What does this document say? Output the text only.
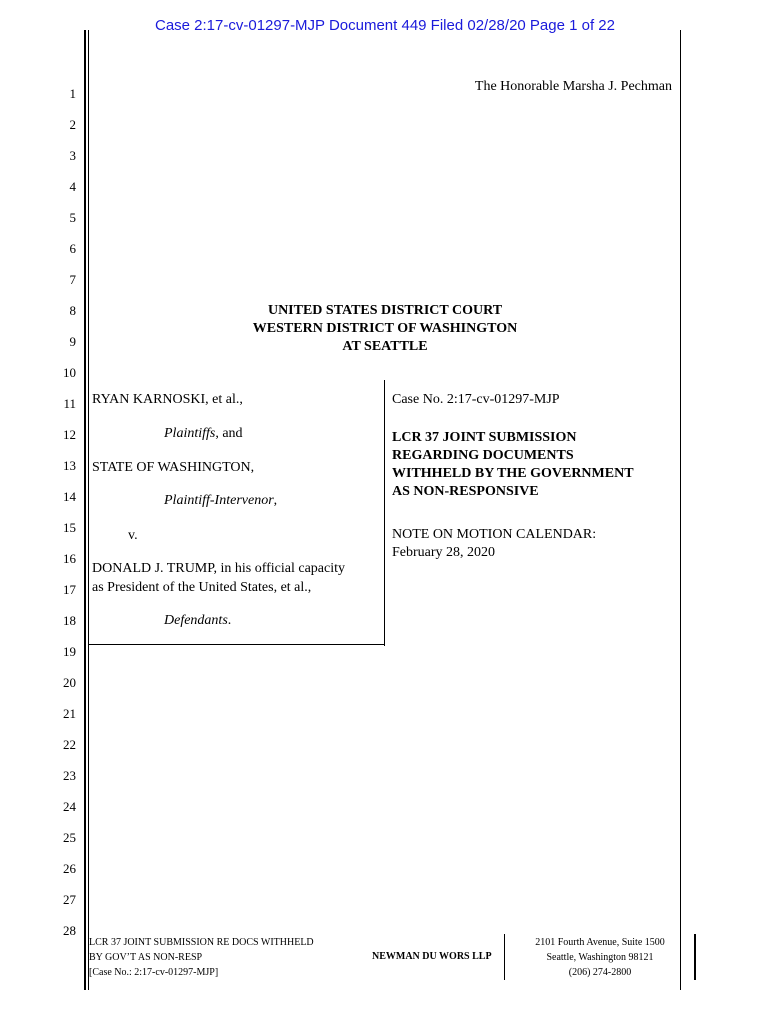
Case 2:17-cv-01297-MJP Document 449 Filed 02/28/20 Page 1 of 22
1
2
3
4
5
6
7
8
9
10
11
12
13
14
15
16
17
18
19
20
21
22
23
24
25
26
27
28
The Honorable Marsha J. Pechman
UNITED STATES DISTRICT COURT
WESTERN DISTRICT OF WASHINGTON
AT SEATTLE
RYAN KARNOSKI, et al.,
Plaintiffs, and
STATE OF WASHINGTON,
Plaintiff-Intervenor,
v.
DONALD J. TRUMP, in his official capacity
as President of the United States, et al.,
Defendants.
Case No. 2:17-cv-01297-MJP
LCR 37 JOINT SUBMISSION
REGARDING DOCUMENTS
WITHHELD BY THE GOVERNMENT
AS NON-RESPONSIVE
NOTE ON MOTION CALENDAR:
February 28, 2020
LCR 37 JOINT SUBMISSION RE DOCS WITHHELD
BY GOV’T AS NON-RESP
[Case No.: 2:17-cv-01297-MJP]
NEWMAN DU WORS LLP
2101 Fourth Avenue, Suite 1500
Seattle, Washington 98121
(206) 274-2800
